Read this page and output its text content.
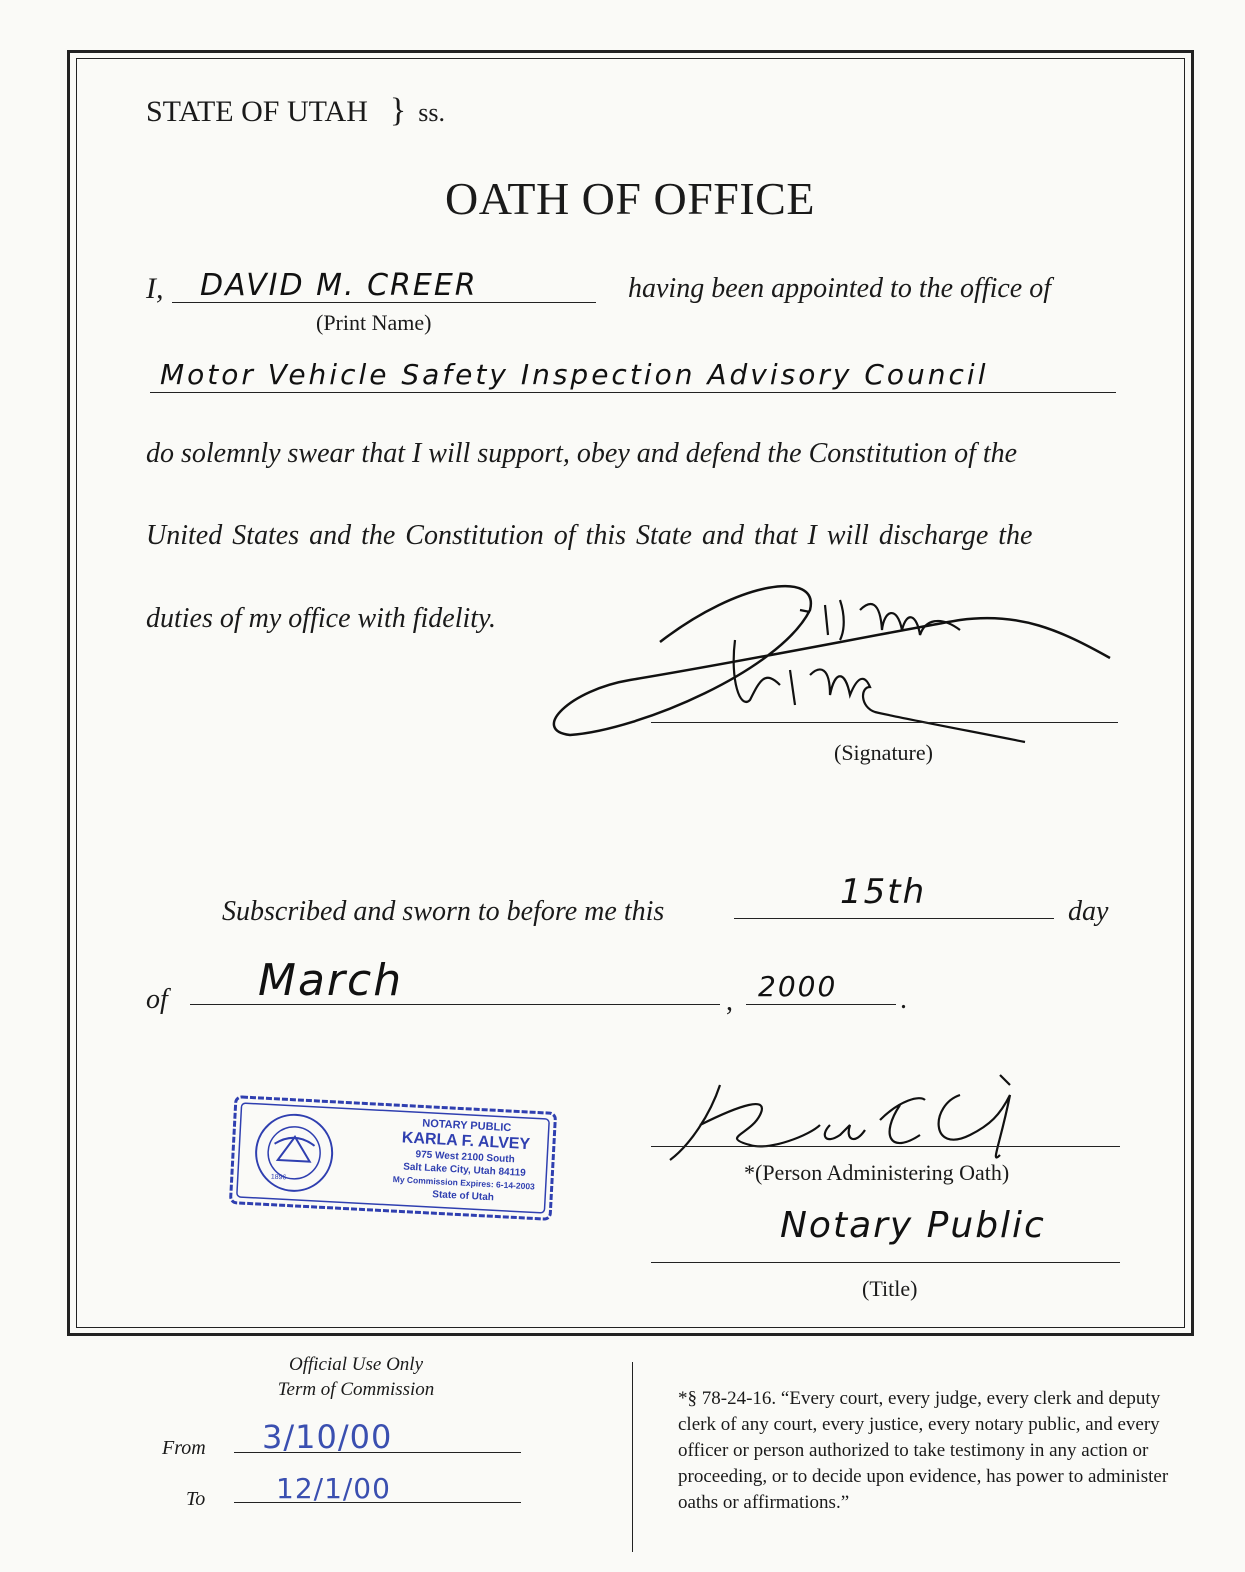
STATE OF UTAH } ss.
OATH OF OFFICE
I, DAVID M. CREER
(Print Name)
having been appointed to the office of
Motor Vehicle Safety Inspection Advisory Council
do solemnly swear that I will support, obey and defend the Constitution of the
United States and the Constitution of this State and that I will discharge the
duties of my office with fidelity.
(Signature)
Subscribed and sworn to before me this	15th	day
of March	, 2000 .
1896
NOTARY PUBLIC
KARLA F. ALVEY
975 West 2100 South
Salt Lake City, Utah 84119
My Commission Expires: 6-14-2003
State of Utah
*(Person Administering Oath)
Notary Public
(Title)
Official Use Only
Term of Commission
From 3/10/00
To	12/1/00
*§ 78-24-16. “Every court, every judge, every clerk and deputy clerk of any court, every justice, every notary public, and every officer or person authorized to take testimony in any action or proceeding, or to decide upon evidence, has power to administer oaths or affirmations.”
